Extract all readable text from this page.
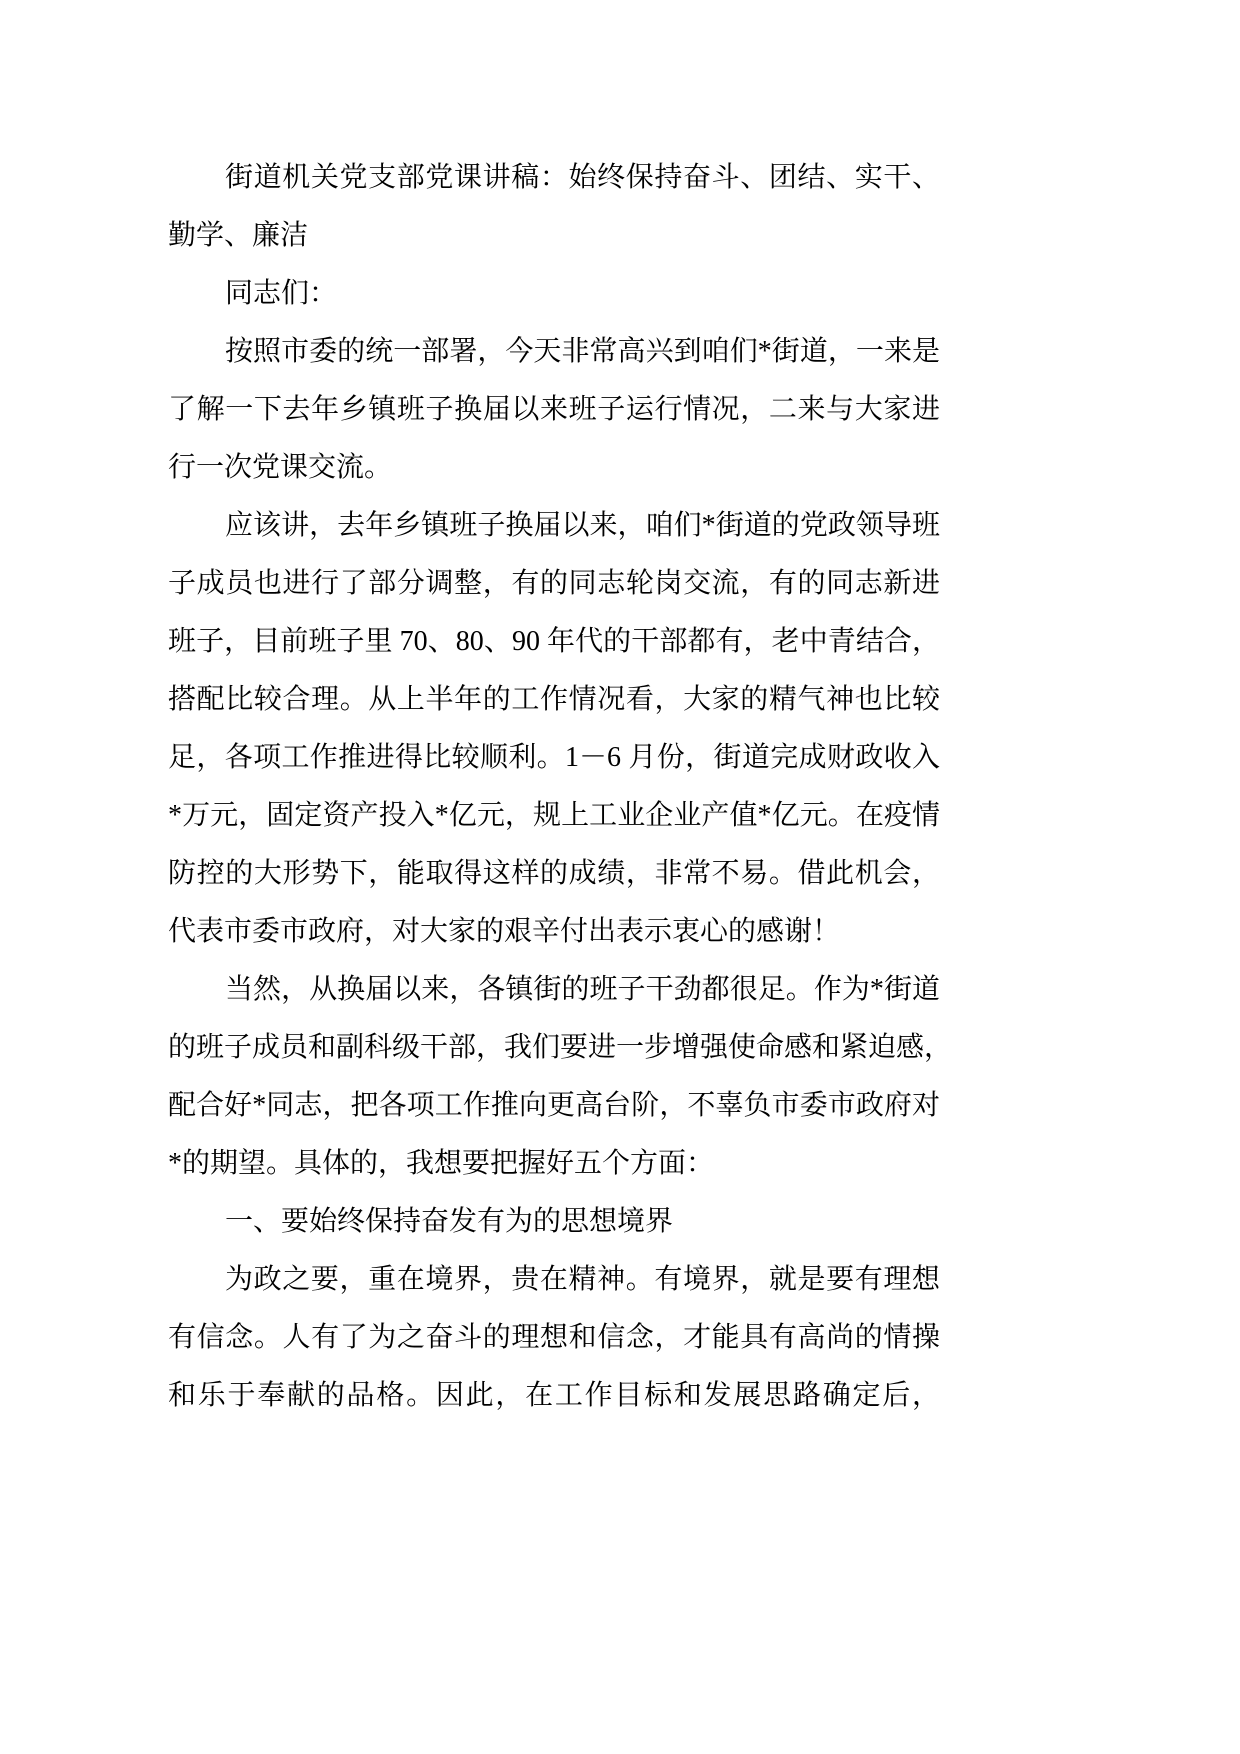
街道机关党支部党课讲稿：始终保持奋斗、团结、实干、
勤学、廉洁
同志们：
按照市委的统一部署，今天非常高兴到咱们*街道，一来是
了解一下去年乡镇班子换届以来班子运行情况，二来与大家进
行一次党课交流。
应该讲，去年乡镇班子换届以来，咱们*街道的党政领导班
子成员也进行了部分调整，有的同志轮岗交流，有的同志新进
班子，目前班子里 70、80、90 年代的干部都有，老中青结合，
搭配比较合理。从上半年的工作情况看，大家的精气神也比较
足，各项工作推进得比较顺利。1－6 月份，街道完成财政收入
*万元，固定资产投入*亿元，规上工业企业产值*亿元。在疫情
防控的大形势下，能取得这样的成绩，非常不易。借此机会，
代表市委市政府，对大家的艰辛付出表示衷心的感谢！
当然，从换届以来，各镇街的班子干劲都很足。作为*街道
的班子成员和副科级干部，我们要进一步增强使命感和紧迫感，
配合好*同志，把各项工作推向更高台阶，不辜负市委市政府对
*的期望。具体的，我想要把握好五个方面：
一、要始终保持奋发有为的思想境界
为政之要，重在境界，贵在精神。有境界，就是要有理想
有信念。人有了为之奋斗的理想和信念，才能具有高尚的情操
和乐于奉献的品格。因此，在工作目标和发展思路确定后，
